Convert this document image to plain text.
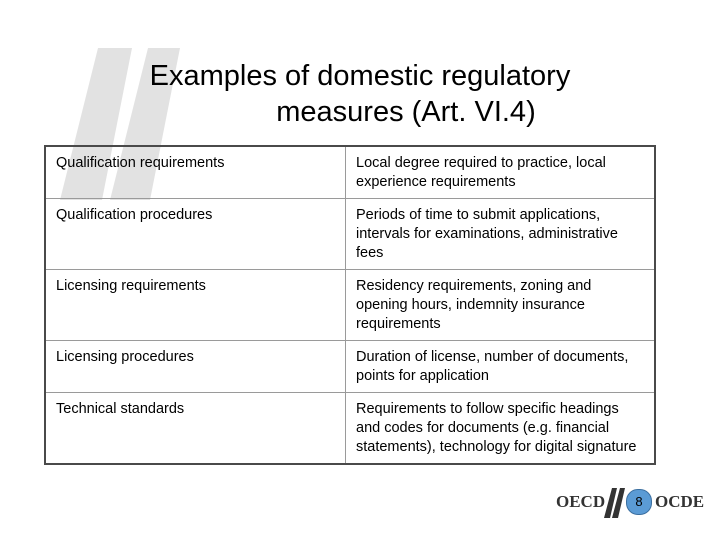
Examples of domestic regulatory
measures (Art. VI.4)
Qualification requirements	Local degree required to practice, local experience requirements
Qualification procedures	Periods of time to submit applications, intervals for examinations, administrative fees
Licensing requirements	Residency requirements, zoning and opening hours, indemnity insurance requirements
Licensing procedures	Duration of license, number of documents, points for application
Technical standards	Requirements to follow specific headings and codes for documents (e.g. financial statements), technology for digital signature
OECD	8 OCDE
